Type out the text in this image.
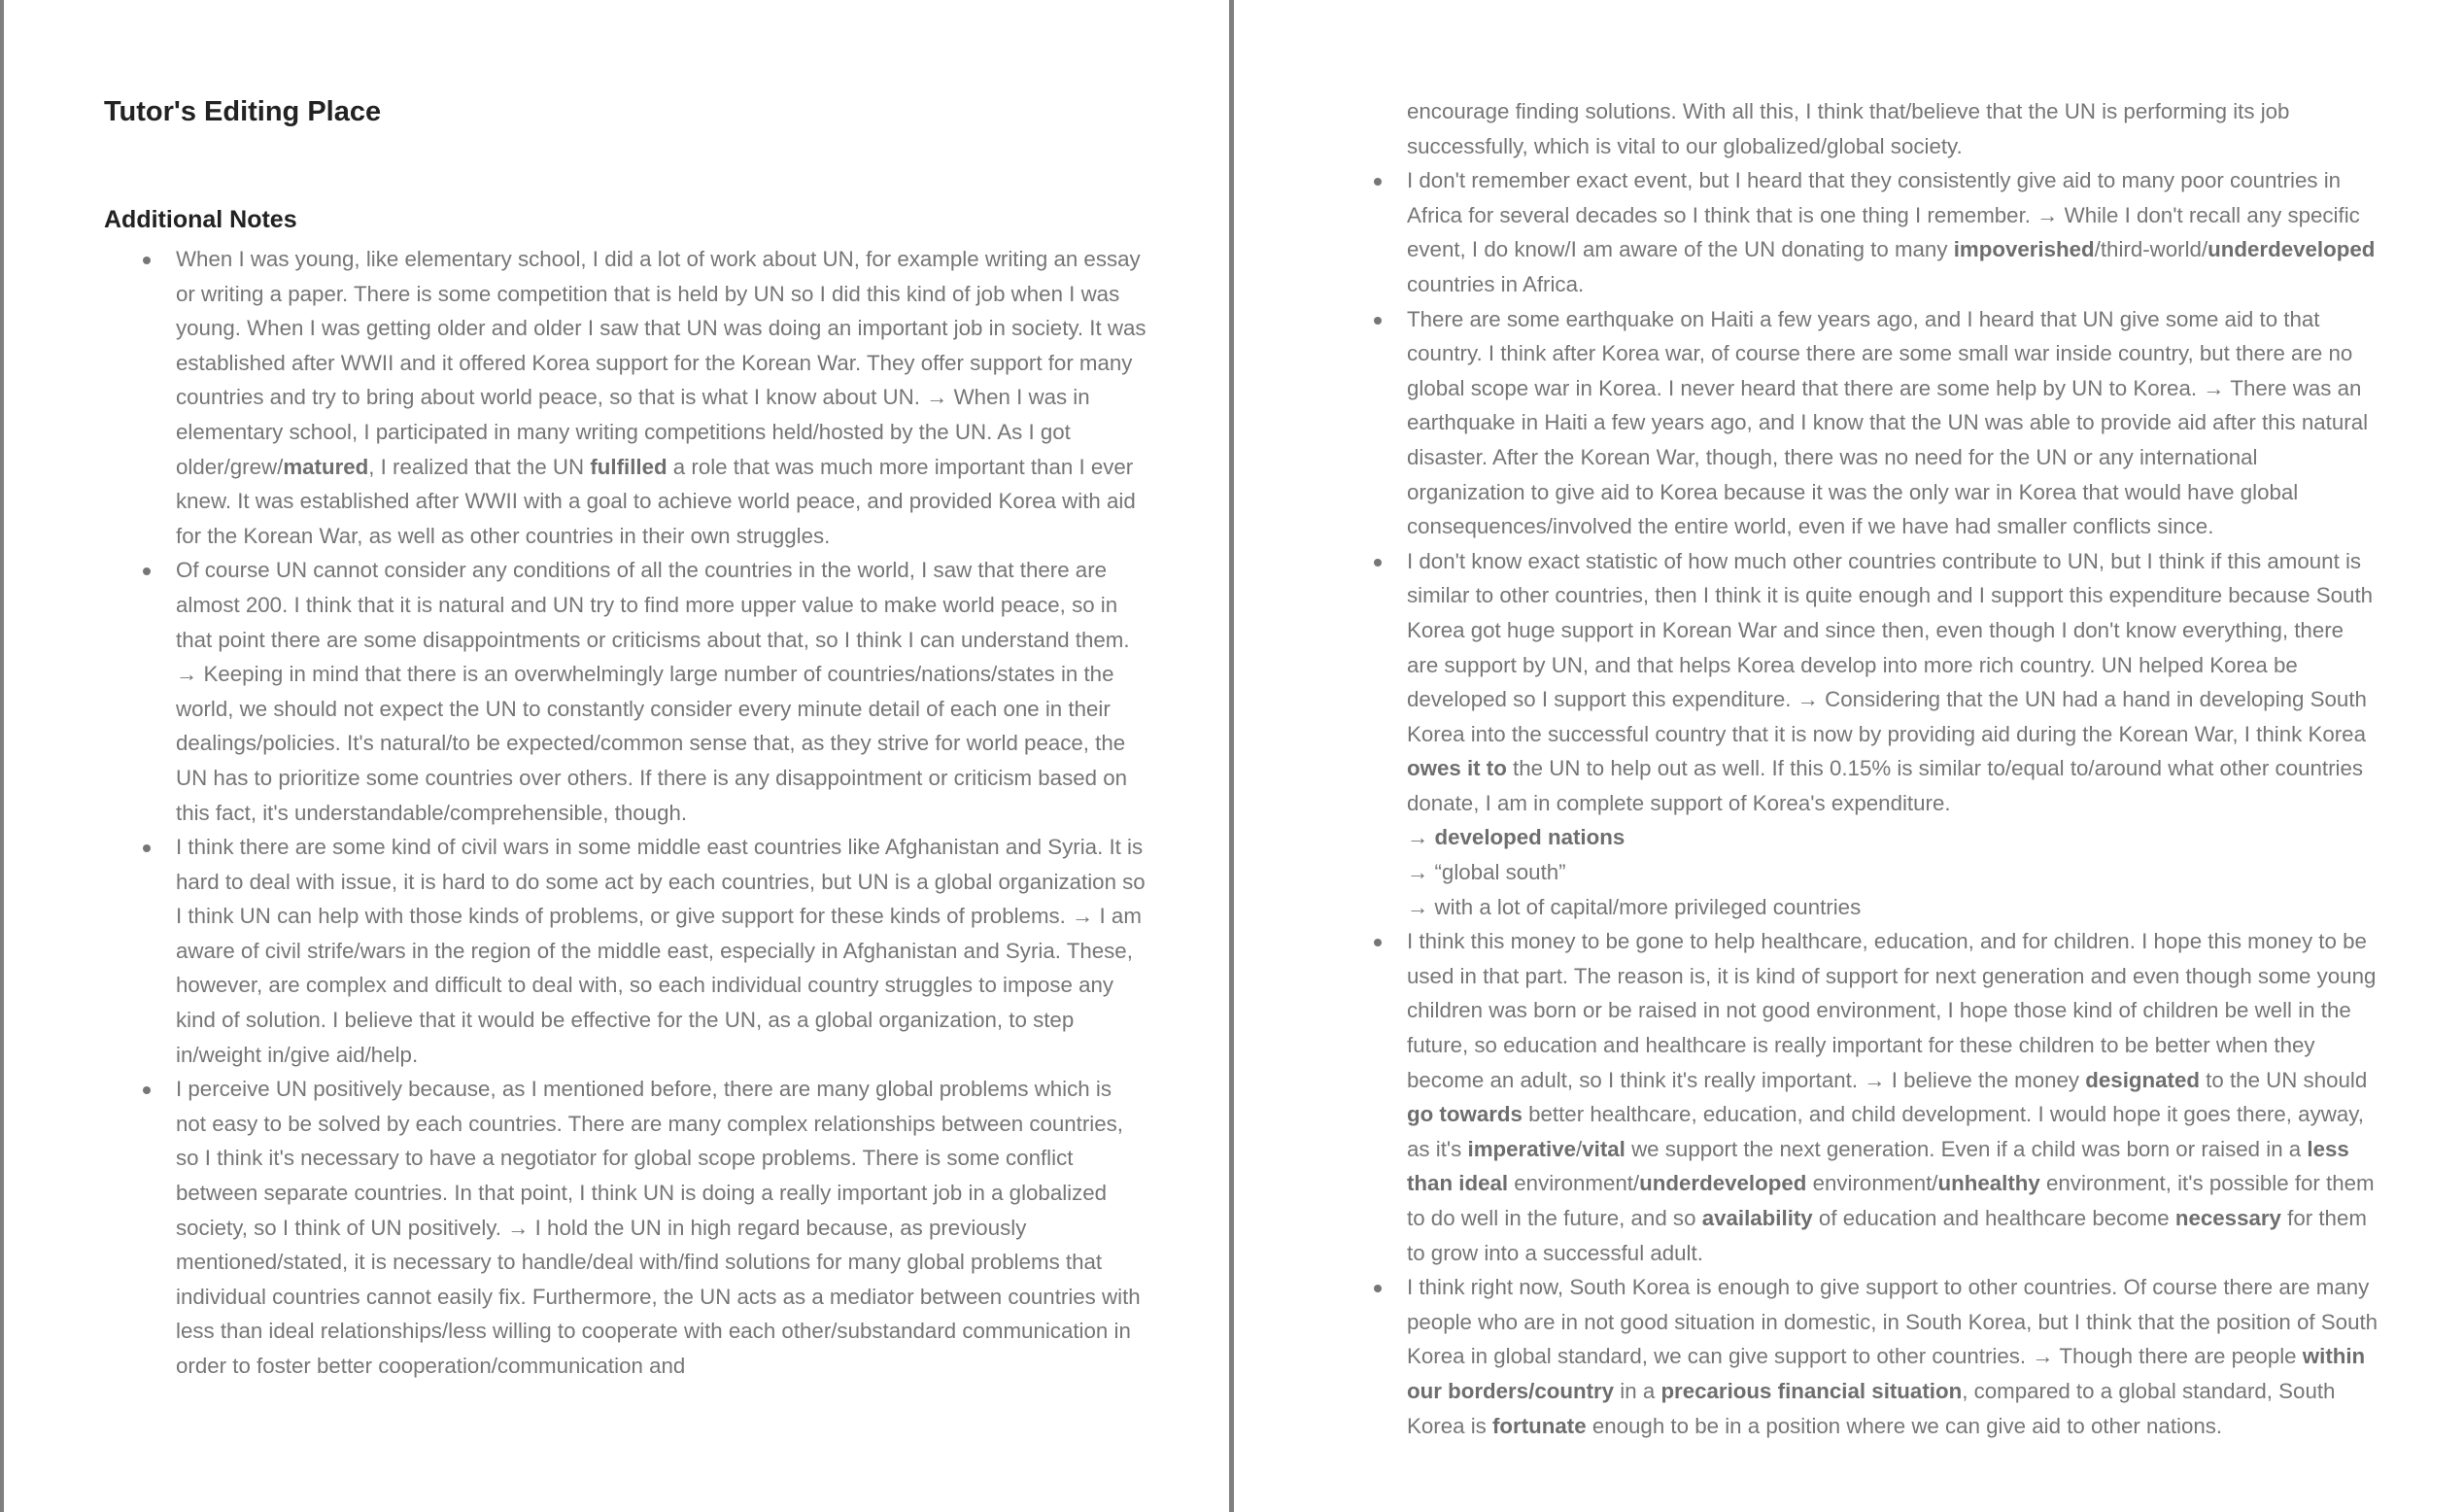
Tutor's Editing Place
Additional Notes
When I was young, like elementary school, I did a lot of work about UN, for example writing an essay or writing a paper. There is some competition that is held by UN so I did this kind of job when I was young. When I was getting older and older I saw that UN was doing an important job in society. It was established after WWII and it offered Korea support for the Korean War. They offer support for many countries and try to bring about world peace, so that is what I know about UN. → When I was in elementary school, I participated in many writing competitions held/hosted by the UN. As I got older/grew/matured, I realized that the UN fulfilled a role that was much more important than I ever knew. It was established after WWII with a goal to achieve world peace, and provided Korea with aid for the Korean War, as well as other countries in their own struggles.
Of course UN cannot consider any conditions of all the countries in the world, I saw that there are almost 200. I think that it is natural and UN try to find more upper value to make world peace, so in that point there are some disappointments or criticisms about that, so I think I can understand them. → Keeping in mind that there is an overwhelmingly large number of countries/nations/states in the world, we should not expect the UN to constantly consider every minute detail of each one in their dealings/policies. It's natural/to be expected/common sense that, as they strive for world peace, the UN has to prioritize some countries over others. If there is any disappointment or criticism based on this fact, it's understandable/comprehensible, though.
I think there are some kind of civil wars in some middle east countries like Afghanistan and Syria. It is hard to deal with issue, it is hard to do some act by each countries, but UN is a global organization so I think UN can help with those kinds of problems, or give support for these kinds of problems. → I am aware of civil strife/wars in the region of the middle east, especially in Afghanistan and Syria. These, however, are complex and difficult to deal with, so each individual country struggles to impose any kind of solution. I believe that it would be effective for the UN, as a global organization, to step in/weight in/give aid/help.
I perceive UN positively because, as I mentioned before, there are many global problems which is not easy to be solved by each countries. There are many complex relationships between countries, so I think it's necessary to have a negotiator for global scope problems. There is some conflict between separate countries. In that point, I think UN is doing a really important job in a globalized society, so I think of UN positively. → I hold the UN in high regard because, as previously mentioned/stated, it is necessary to handle/deal with/find solutions for many global problems that individual countries cannot easily fix. Furthermore, the UN acts as a mediator between countries with less than ideal relationships/less willing to cooperate with each other/substandard communication in order to foster better cooperation/communication and
encourage finding solutions. With all this, I think that/believe that the UN is performing its job successfully, which is vital to our globalized/global society.
I don't remember exact event, but I heard that they consistently give aid to many poor countries in Africa for several decades so I think that is one thing I remember. → While I don't recall any specific event, I do know/I am aware of the UN donating to many impoverished/third-world/underdeveloped countries in Africa.
There are some earthquake on Haiti a few years ago, and I heard that UN give some aid to that country. I think after Korea war, of course there are some small war inside country, but there are no global scope war in Korea. I never heard that there are some help by UN to Korea. → There was an earthquake in Haiti a few years ago, and I know that the UN was able to provide aid after this natural disaster. After the Korean War, though, there was no need for the UN or any international organization to give aid to Korea because it was the only war in Korea that would have global consequences/involved the entire world, even if we have had smaller conflicts since.
I don't know exact statistic of how much other countries contribute to UN, but I think if this amount is similar to other countries, then I think it is quite enough and I support this expenditure because South Korea got huge support in Korean War and since then, even though I don't know everything, there are support by UN, and that helps Korea develop into more rich country. UN helped Korea be developed so I support this expenditure. → Considering that the UN had a hand in developing South Korea into the successful country that it is now by providing aid during the Korean War, I think Korea owes it to the UN to help out as well. If this 0.15% is similar to/equal to/around what other countries donate, I am in complete support of Korea's expenditure.
→ developed nations
→ “global south”
→ with a lot of capital/more privileged countries
I think this money to be gone to help healthcare, education, and for children. I hope this money to be used in that part. The reason is, it is kind of support for next generation and even though some young children was born or be raised in not good environment, I hope those kind of children be well in the future, so education and healthcare is really important for these children to be better when they become an adult, so I think it's really important. → I believe the money designated to the UN should go towards better healthcare, education, and child development. I would hope it goes there, ayway, as it's imperative/vital we support the next generation. Even if a child was born or raised in a less than ideal environment/underdeveloped environment/unhealthy environment, it's possible for them to do well in the future, and so availability of education and healthcare become necessary for them to grow into a successful adult.
I think right now, South Korea is enough to give support to other countries. Of course there are many people who are in not good situation in domestic, in South Korea, but I think that the position of South Korea in global standard, we can give support to other countries. → Though there are people within our borders/country in a precarious financial situation, compared to a global standard, South Korea is fortunate enough to be in a position where we can give aid to other nations.
